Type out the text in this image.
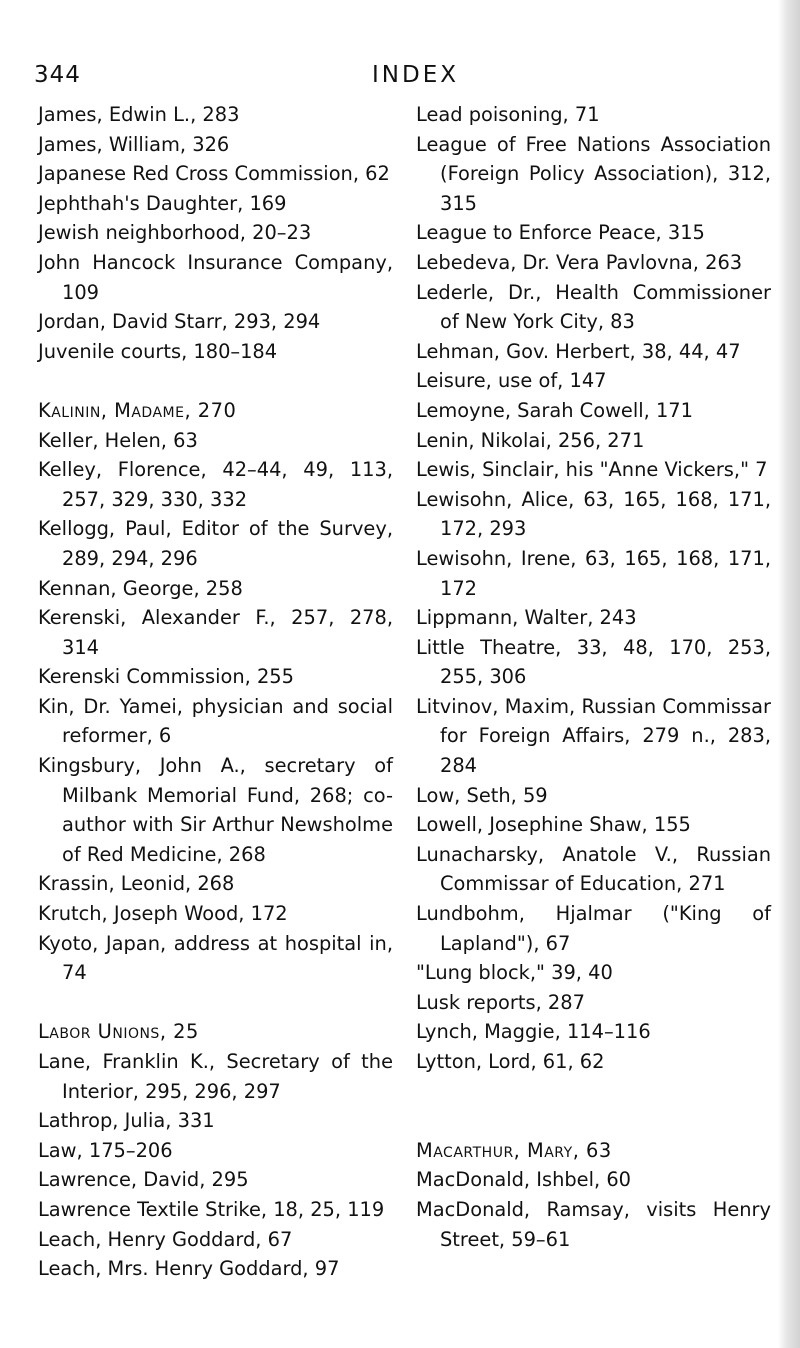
344	INDEX
James, Edwin L., 283
James, William, 326
Japanese Red Cross Commission, 62
Jephthah's Daughter, 169
Jewish neighborhood, 20–23
John Hancock Insurance Company, 109
Jordan, David Starr, 293, 294
Juvenile courts, 180–184
Kalinin, Madame, 270
Keller, Helen, 63
Kelley, Florence, 42–44, 49, 113, 257, 329, 330, 332
Kellogg, Paul, Editor of the Survey, 289, 294, 296
Kennan, George, 258
Kerenski, Alexander F., 257, 278, 314
Kerenski Commission, 255
Kin, Dr. Yamei, physician and social reformer, 6
Kingsbury, John A., secretary of Milbank Memorial Fund, 268; co-author with Sir Arthur Newsholme of Red Medicine, 268
Krassin, Leonid, 268
Krutch, Joseph Wood, 172
Kyoto, Japan, address at hospital in, 74
Labor Unions, 25
Lane, Franklin K., Secretary of the Interior, 295, 296, 297
Lathrop, Julia, 331
Law, 175–206
Lawrence, David, 295
Lawrence Textile Strike, 18, 25, 119
Leach, Henry Goddard, 67
Leach, Mrs. Henry Goddard, 97
Lead poisoning, 71
League of Free Nations Association (Foreign Policy Association), 312, 315
League to Enforce Peace, 315
Lebedeva, Dr. Vera Pavlovna, 263
Lederle, Dr., Health Commissioner of New York City, 83
Lehman, Gov. Herbert, 38, 44, 47
Leisure, use of, 147
Lemoyne, Sarah Cowell, 171
Lenin, Nikolai, 256, 271
Lewis, Sinclair, his "Anne Vickers," 7
Lewisohn, Alice, 63, 165, 168, 171, 172, 293
Lewisohn, Irene, 63, 165, 168, 171, 172
Lippmann, Walter, 243
Little Theatre, 33, 48, 170, 253, 255, 306
Litvinov, Maxim, Russian Commissar for Foreign Affairs, 279 n., 283, 284
Low, Seth, 59
Lowell, Josephine Shaw, 155
Lunacharsky, Anatole V., Russian Commissar of Education, 271
Lundbohm, Hjalmar ("King of Lapland"), 67
"Lung block," 39, 40
Lusk reports, 287
Lynch, Maggie, 114–116
Lytton, Lord, 61, 62
Macarthur, Mary, 63
MacDonald, Ishbel, 60
MacDonald, Ramsay, visits Henry Street, 59–61
